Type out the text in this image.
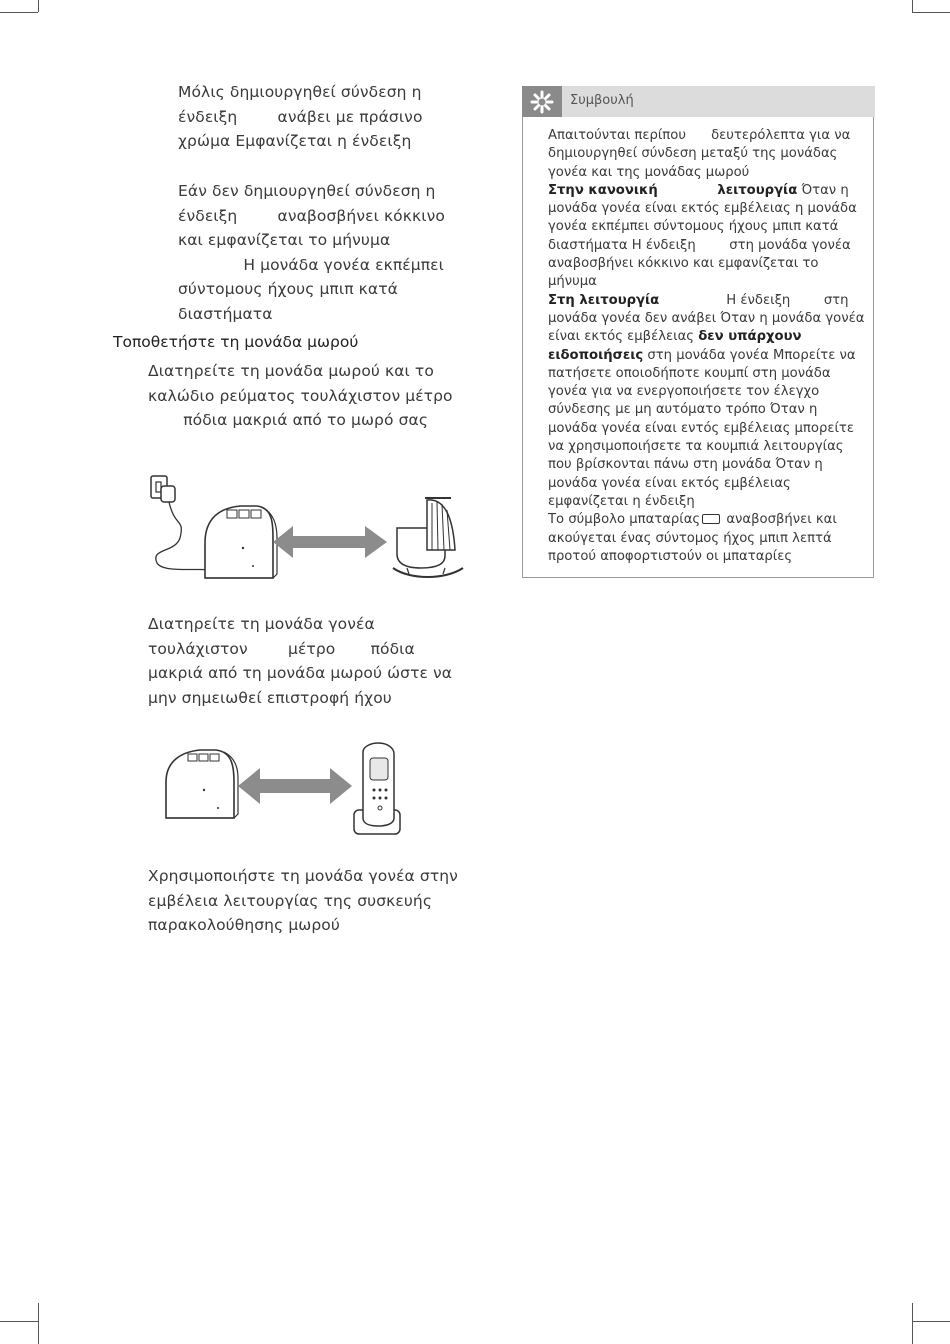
Μόλις δημιουργηθεί σύνδεση η ένδειξη        ανάβει με πράσινο χρώμα Εμφανίζεται η ένδειξη

Εάν δεν δημιουργηθεί σύνδεση η ένδειξη        αναβοσβήνει κόκκινο και εμφανίζεται το μήνυμα              Η μονάδα γονέα εκπέμπει σύντομους ήχους μπιπ κατά διαστήματα

Τοποθετήστε τη μονάδα μωρού

Διατηρείτε τη μονάδα μωρού και το καλώδιο ρεύματος τουλάχιστον μέτρο        πόδια μακριά από το μωρό σας

Διατηρείτε τη μονάδα γονέα τουλάχιστον        μέτρο       πόδια μακριά από τη μονάδα μωρού ώστε να μην σημειωθεί επιστροφή ήχου

Χρησιμοποιήστε τη μονάδα γονέα στην εμβέλεια λειτουργίας της συσκευής παρακολούθησης μωρού

Συμβουλή

Απαιτούνται περίπου      δευτερόλεπτα για να δημιουργηθεί σύνδεση μεταξύ της μονάδας γονέα και της μονάδας μωρού

Στην κανονική             λειτουργία Όταν η μονάδα γονέα είναι εκτός εμβέλειας η μονάδα γονέα εκπέμπει σύντομους ήχους μπιπ κατά διαστήματα Η ένδειξη        στη μονάδα γονέα αναβοσβήνει κόκκινο και εμφανίζεται το μήνυμα

Στη λειτουργία                Η ένδειξη        στη μονάδα γονέα δεν ανάβει Όταν η μονάδα γονέα είναι εκτός εμβέλειας δεν υπάρχουν ειδοποιήσεις στη μονάδα γονέα Μπορείτε να πατήσετε οποιοδήποτε κουμπί στη μονάδα γονέα για να ενεργοποιήσετε τον έλεγχο σύνδεσης με μη αυτόματο τρόπο Όταν η μονάδα γονέα είναι εντός εμβέλειας μπορείτε να χρησιμοποιήσετε τα κουμπιά λειτουργίας που βρίσκονται πάνω στη μονάδα Όταν η μονάδα γονέα είναι εκτός εμβέλειας εμφανίζεται η ένδειξη

Το σύμβολο μπαταρίας αναβοσβήνει και ακούγεται ένας σύντομος ήχος μπιπ λεπτά προτού αποφορτιστούν οι μπαταρίες
